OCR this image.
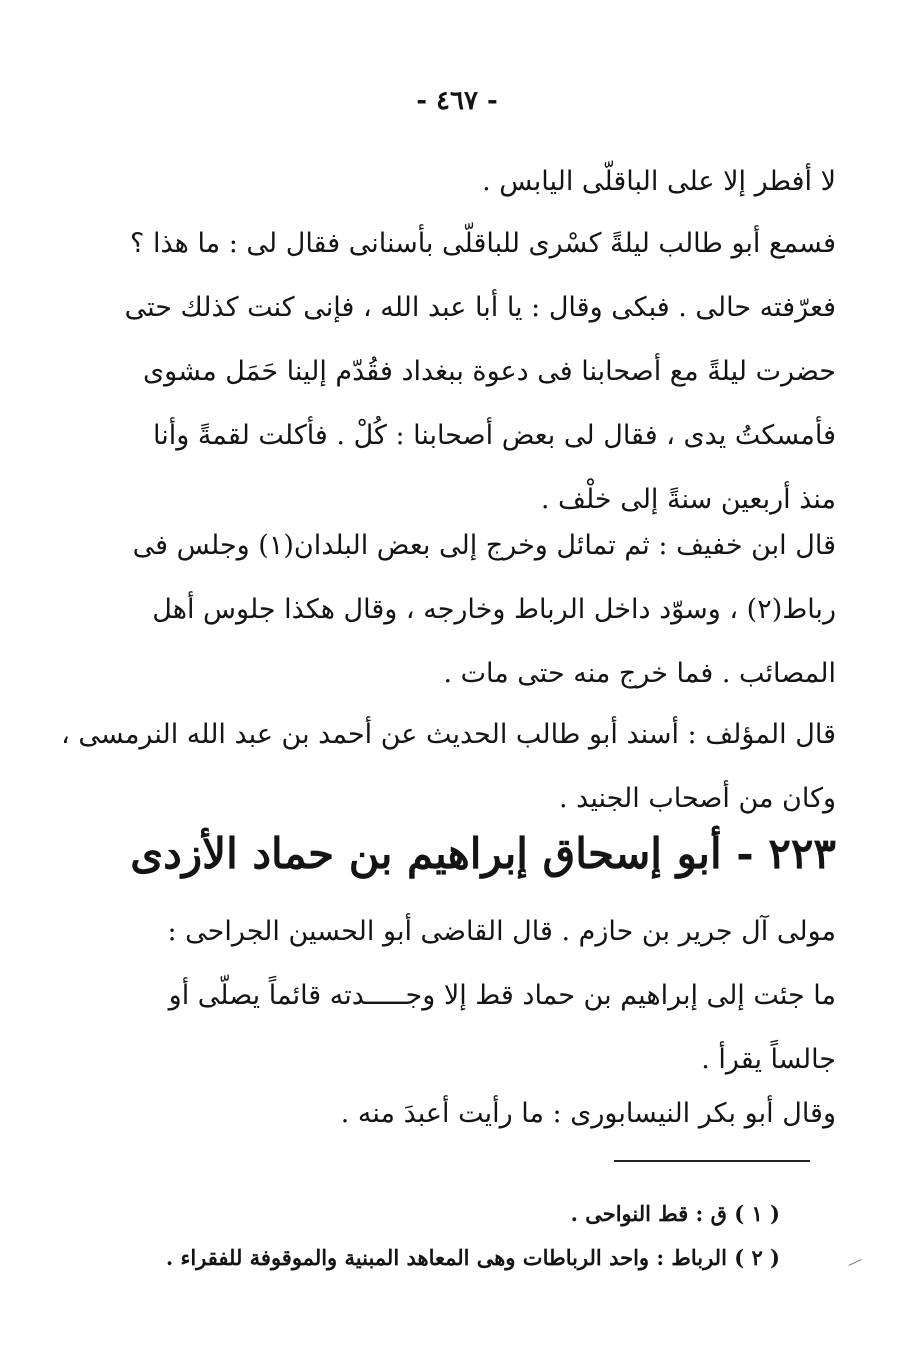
- ٤٦٧ -
لا أفطر إلا على الباقلّى اليابس .
فسمع أبو طالب ليلةً كسْرى للباقلّى بأسنانى فقال لى : ما هذا ؟
فعرّفته حالى . فبكى وقال : يا أبا عبد الله ، فإنى كنت كذلك حتى
حضرت ليلةً مع أصحابنا فى دعوة ببغداد فقُدّم إلينا حَمَل مشوى
فأمسكتُ يدى ، فقال لى بعض أصحابنا : كُلْ . فأكلت لقمةً وأنا
منذ أربعين سنةً إلى خلْف .
قال ابن خفيف : ثم تمائل وخرج إلى بعض البلدان(١) وجلس فى
رباط(٢) ، وسوّد داخل الرباط وخارجه ، وقال هكذا جلوس أهل
المصائب . فما خرج منه حتى مات .
قال المؤلف : أسند أبو طالب الحديث عن أحمد بن عبد الله النرمسى ،
وكان من أصحاب الجنيد .
٢٢٣ - أبو إسحاق إبراهيم بن حماد الأزدى
مولى آل جرير بن حازم . قال القاضى أبو الحسين الجراحى :
ما جئت إلى إبراهيم بن حماد قط إلا وجـــــدته قائماً يصلّى أو
جالساً يقرأ .
وقال أبو بكر النيسابورى : ما رأيت أعبدَ منه .
( ١ ) ق : قط النواحى .
( ٢ ) الرباط : واحد الرباطات وهى المعاهد المبنية والموقوفة للفقراء .
